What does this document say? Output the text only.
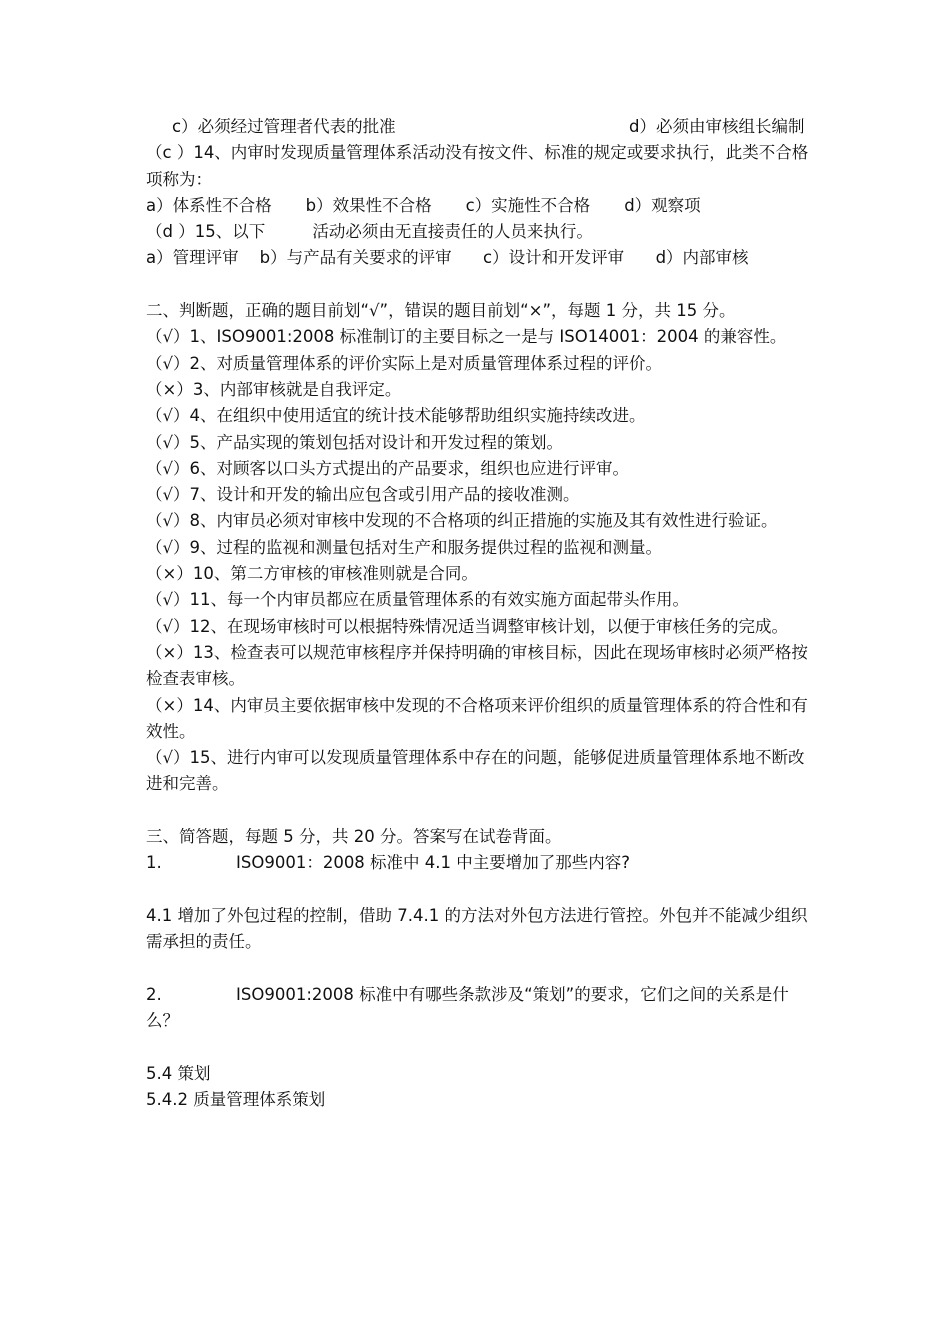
c）必须经过管理者代表的批准	d）必须由审核组长编制

（c ）14、内审时发现质量管理体系活动没有按文件、标准的规定或要求执行，此类不合格项称为：

a）体系性不合格 b）效果性不合格 c）实施性不合格 d）观察项
（d ）15、以下         活动必须由无直接责任的人员来执行。

a）管理评审    b）与产品有关要求的评审      c）设计和开发评审      d）内部审核

二、判断题，正确的题目前划“√”，错误的题目前划“×”，每题 1 分，共 15 分。

（√）1、ISO9001:2008 标准制订的主要目标之一是与 ISO14001：2004 的兼容性。

（√）2、对质量管理体系的评价实际上是对质量管理体系过程的评价。

（×）3、内部审核就是自我评定。

（√）4、在组织中使用适宜的统计技术能够帮助组织实施持续改进。

（√）5、产品实现的策划包括对设计和开发过程的策划。

（√）6、对顾客以口头方式提出的产品要求，组织也应进行评审。

（√）7、设计和开发的输出应包含或引用产品的接收准测。

（√）8、内审员必须对审核中发现的不合格项的纠正措施的实施及其有效性进行验证。

（√）9、过程的监视和测量包括对生产和服务提供过程的监视和测量。

（×）10、第二方审核的审核准则就是合同。

（√）11、每一个内审员都应在质量管理体系的有效实施方面起带头作用。

（√）12、在现场审核时可以根据特殊情况适当调整审核计划，以便于审核任务的完成。

（×）13、检查表可以规范审核程序并保持明确的审核目标，因此在现场审核时必须严格按检查表审核。

（×）14、内审员主要依据审核中发现的不合格项来评价组织的质量管理体系的符合性和有效性。

（√）15、进行内审可以发现质量管理体系中存在的问题，能够促进质量管理体系地不断改进和完善。

三、简答题，每题 5 分，共 20 分。答案写在试卷背面。

1.	ISO9001：2008 标准中 4.1 中主要增加了那些内容?

4.1 增加了外包过程的控制，借助 7.4.1 的方法对外包方法进行管控。外包并不能减少组织需承担的责任。

2.	ISO9001:2008 标准中有哪些条款涉及“策划”的要求，它们之间的关系是什么？

5.4 策划

5.4.2 质量管理体系策划
